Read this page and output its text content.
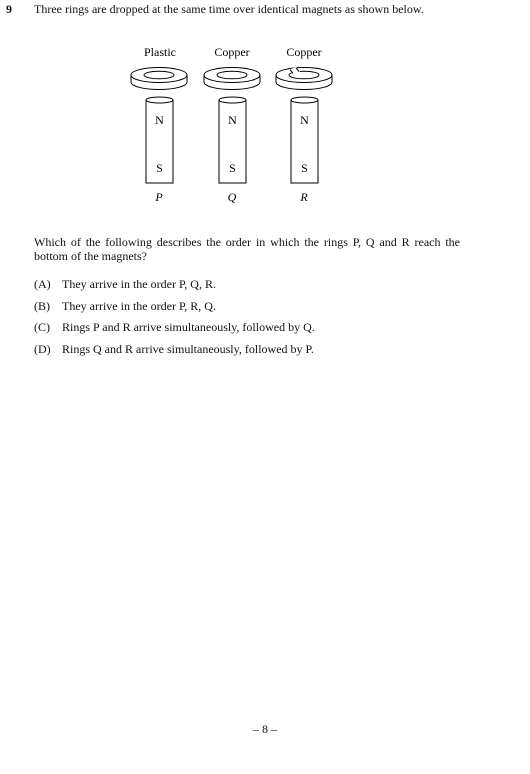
9 Three rings are dropped at the same time over identical magnets as shown below.
Plastic
N
S
P
Copper
N
S
Q
Copper
N
S
R
Which of the following describes the order in which the rings P, Q and R reach the bottom of the magnets?
(A) They arrive in the order P, Q, R.
(B)	They arrive in the order P, R, Q.
(C)	Rings P and R arrive simultaneously, followed by Q.
(D) Rings Q and R arrive simultaneously, followed by P.
– 8 –
